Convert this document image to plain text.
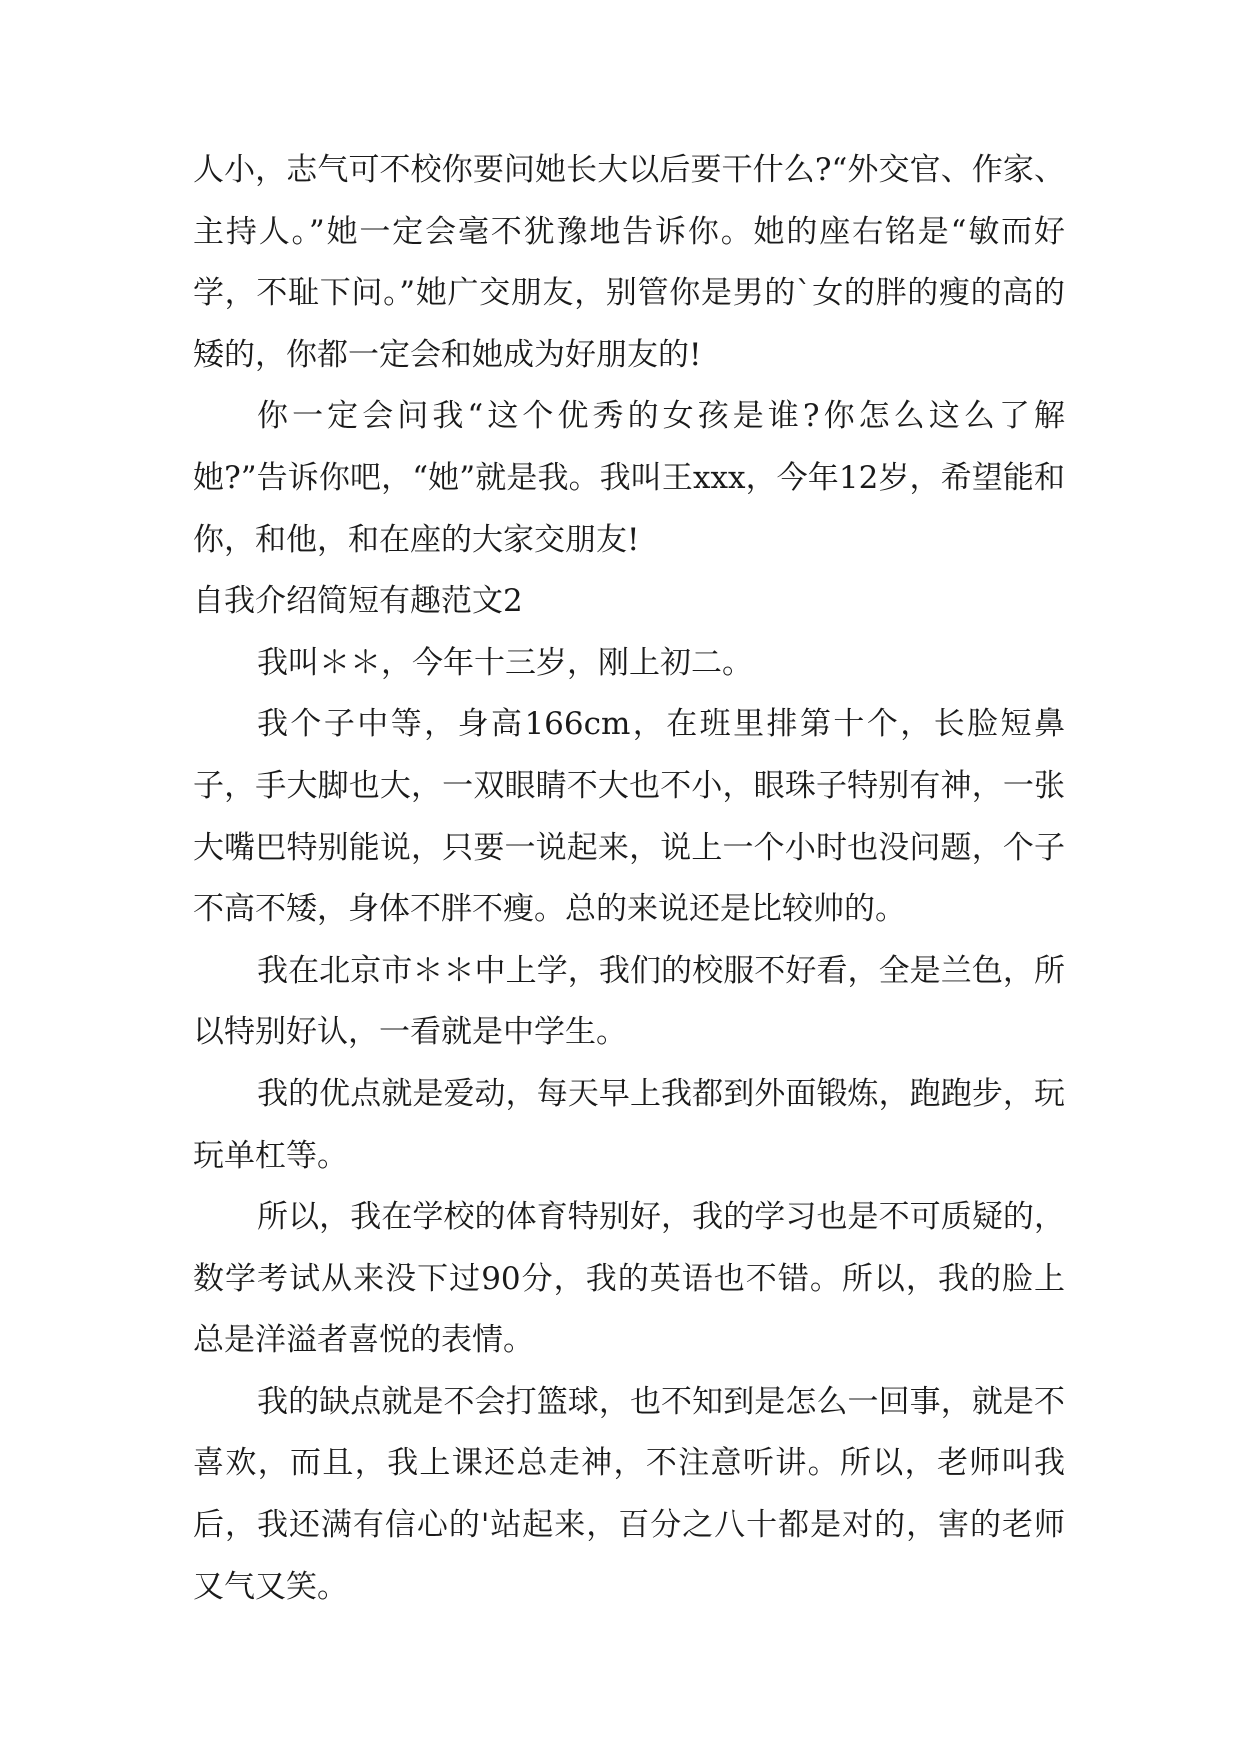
人小，志气可不校你要问她长大以后要干什么?“外交官、作家、主持人。”她一定会毫不犹豫地告诉你。她的座右铭是“敏而好学，不耻下问。”她广交朋友，别管你是男的`女的胖的瘦的高的矮的，你都一定会和她成为好朋友的!

你一定会问我“这个优秀的女孩是谁?你怎么这么了解她?”告诉你吧，“她”就是我。我叫王xxx，今年12岁，希望能和你，和他，和在座的大家交朋友!

自我介绍简短有趣范文2

我叫＊＊，今年十三岁，刚上初二。

我个子中等，身高166cm，在班里排第十个，长脸短鼻子，手大脚也大，一双眼睛不大也不小，眼珠子特别有神，一张大嘴巴特别能说，只要一说起来，说上一个小时也没问题，个子不高不矮，身体不胖不瘦。总的来说还是比较帅的。

我在北京市＊＊中上学，我们的校服不好看，全是兰色，所以特别好认，一看就是中学生。

我的优点就是爱动，每天早上我都到外面锻炼，跑跑步，玩玩单杠等。

所以，我在学校的体育特别好，我的学习也是不可质疑的，数学考试从来没下过90分，我的英语也不错。所以，我的脸上总是洋溢者喜悦的表情。

我的缺点就是不会打篮球，也不知到是怎么一回事，就是不喜欢，而且，我上课还总走神，不注意听讲。所以，老师叫我后，我还满有信心的'站起来，百分之八十都是对的，害的老师又气又笑。
